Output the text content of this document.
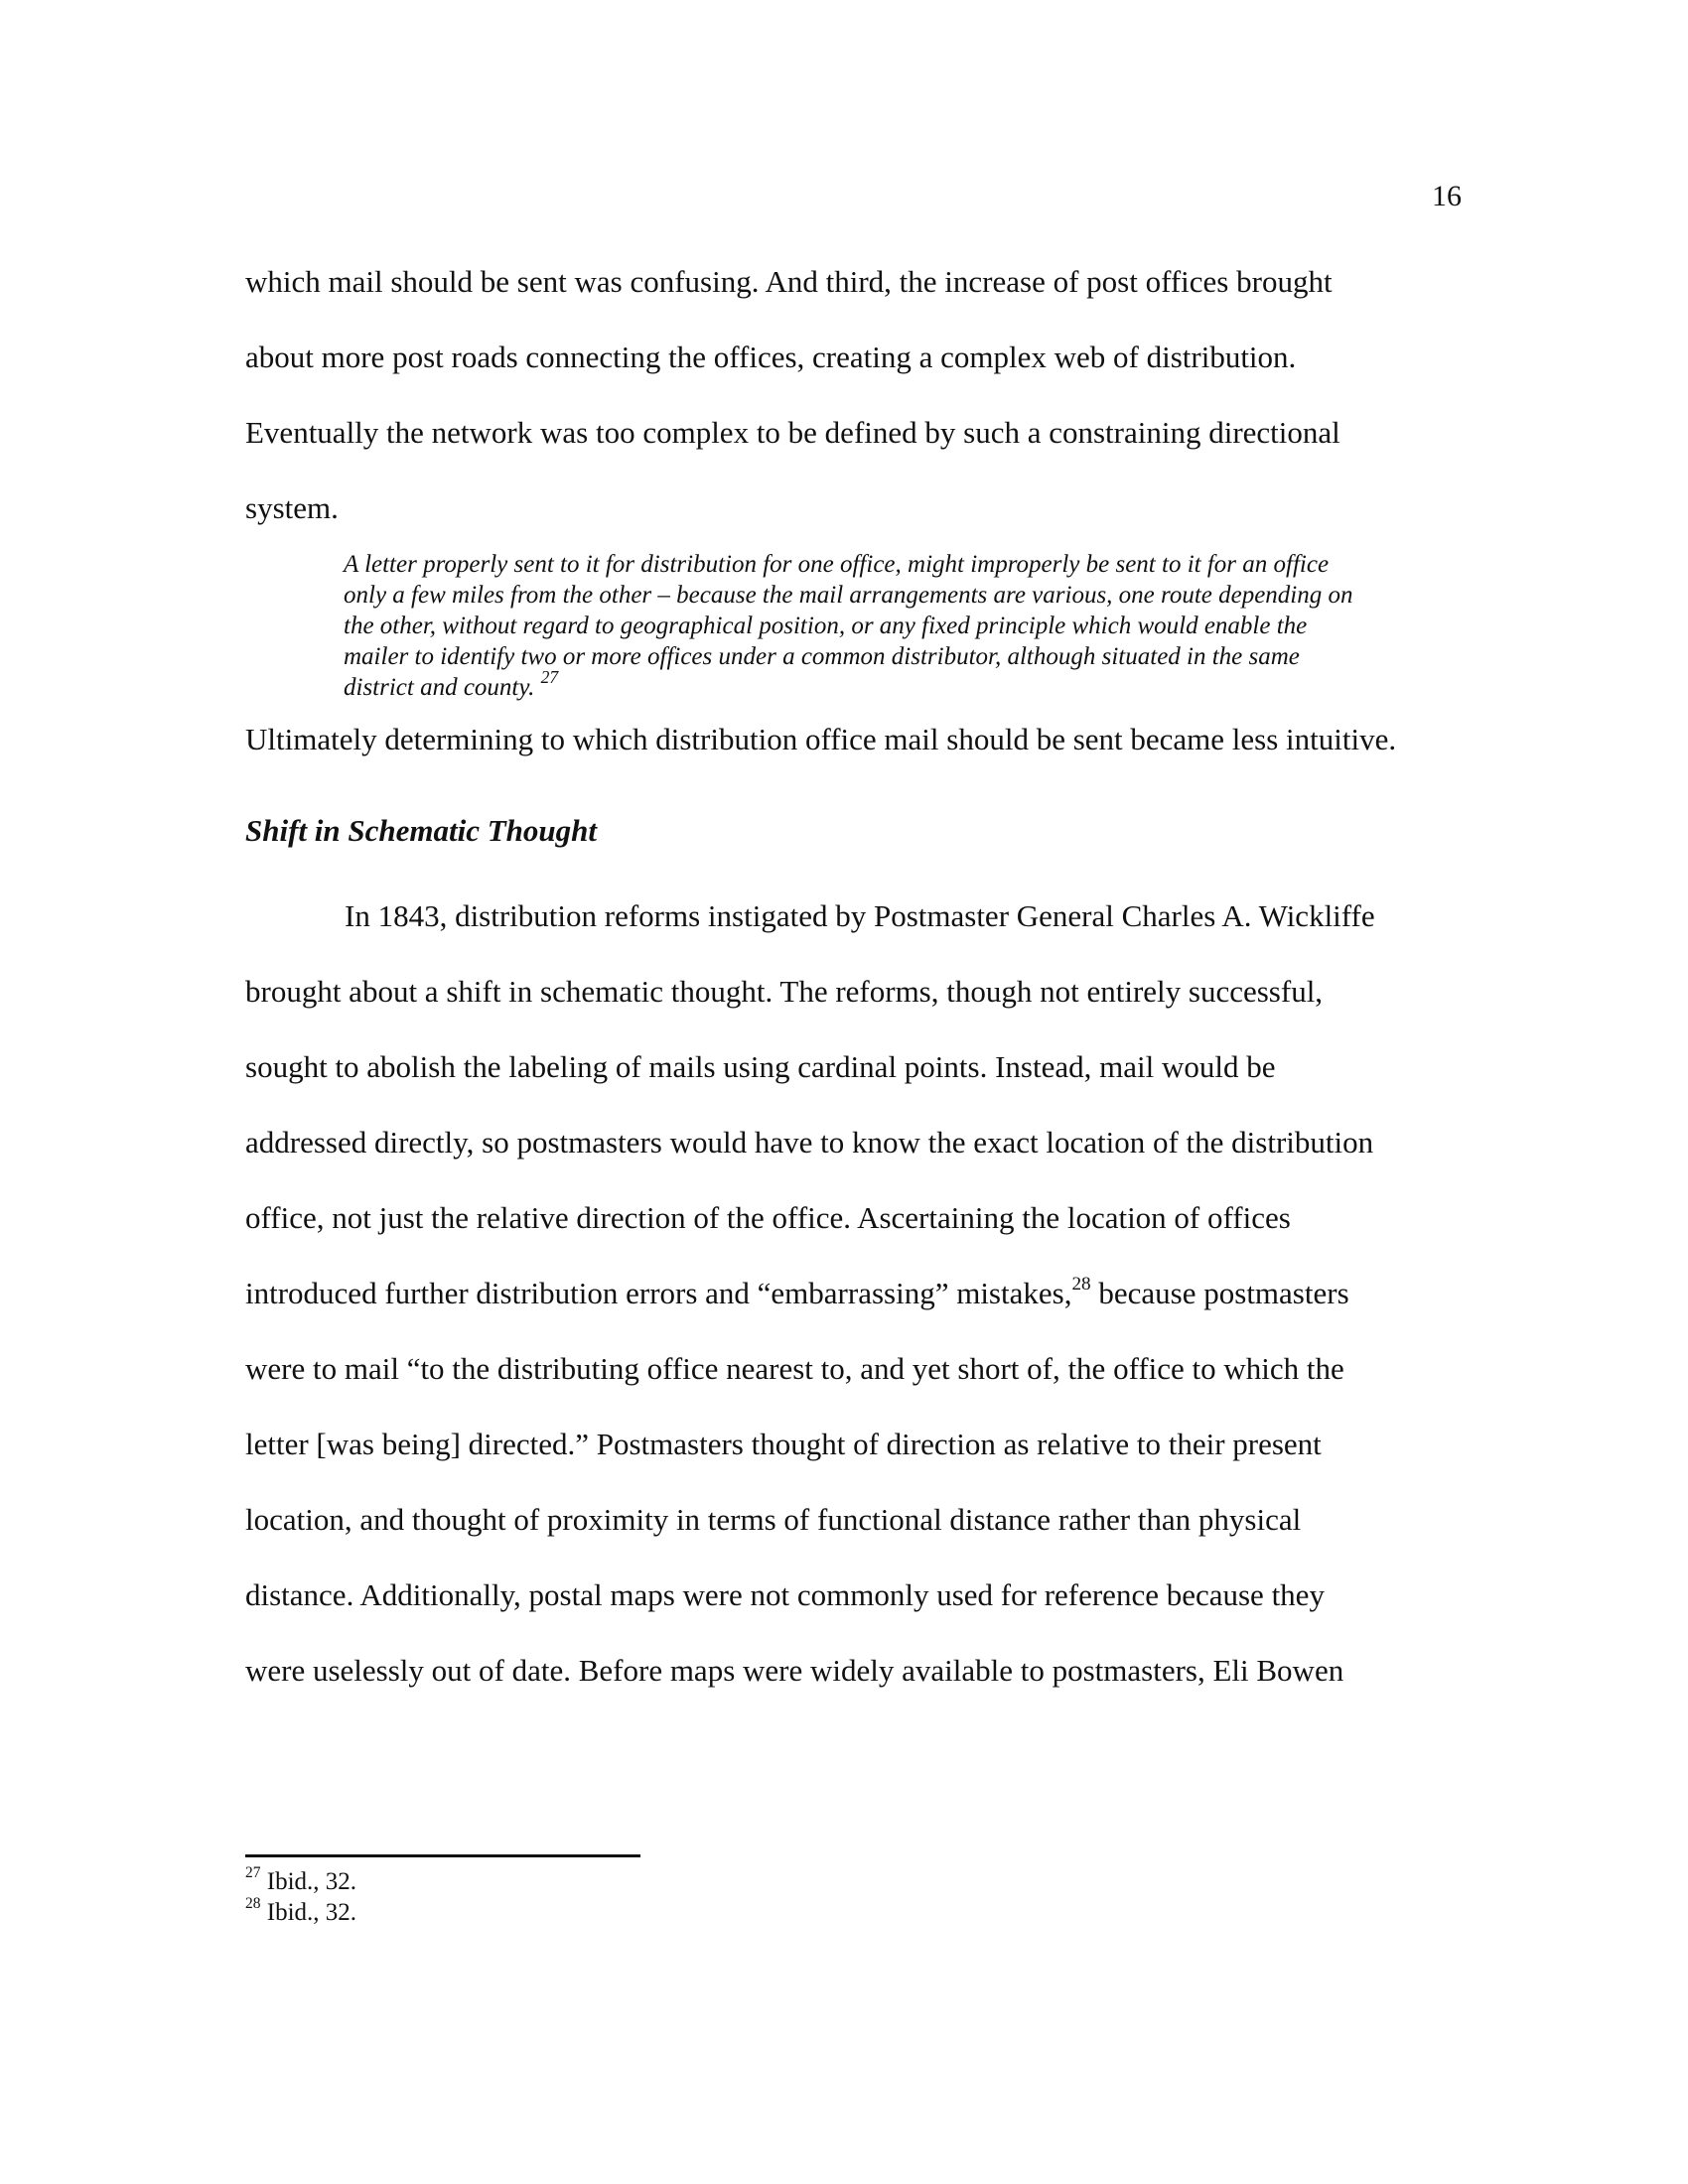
16

which mail should be sent was confusing. And third, the increase of post offices brought
about more post roads connecting the offices, creating a complex web of distribution.
Eventually the network was too complex to be defined by such a constraining directional
system.

A letter properly sent to it for distribution for one office, might improperly be sent to it for an office
only a few miles from the other – because the mail arrangements are various, one route depending on
the other, without regard to geographical position, or any fixed principle which would enable the
mailer to identify two or more offices under a common distributor, although situated in the same
district and county. $^{27}$
Ultimately determining to which distribution office mail should be sent became less intuitive.
Shift in Schematic Thought

In 1843, distribution reforms instigated by Postmaster General Charles A. Wickliffe
brought about a shift in schematic thought. The reforms, though not entirely successful,
sought to abolish the labeling of mails using cardinal points. Instead, mail would be
addressed directly, so postmasters would have to know the exact location of the distribution
office, not just the relative direction of the office. Ascertaining the location of offices
introduced further distribution errors and “embarrassing” mistakes,$^{28}$ because postmasters
were to mail “to the distributing office nearest to, and yet short of, the office to which the
letter [was being] directed.” Postmasters thought of direction as relative to their present
location, and thought of proximity in terms of functional distance rather than physical
distance. Additionally, postal maps were not commonly used for reference because they
were uselessly out of date. Before maps were widely available to postmasters, Eli Bowen

$^{27}$ Ibid., 32.
$^{28}$ Ibid., 32.
